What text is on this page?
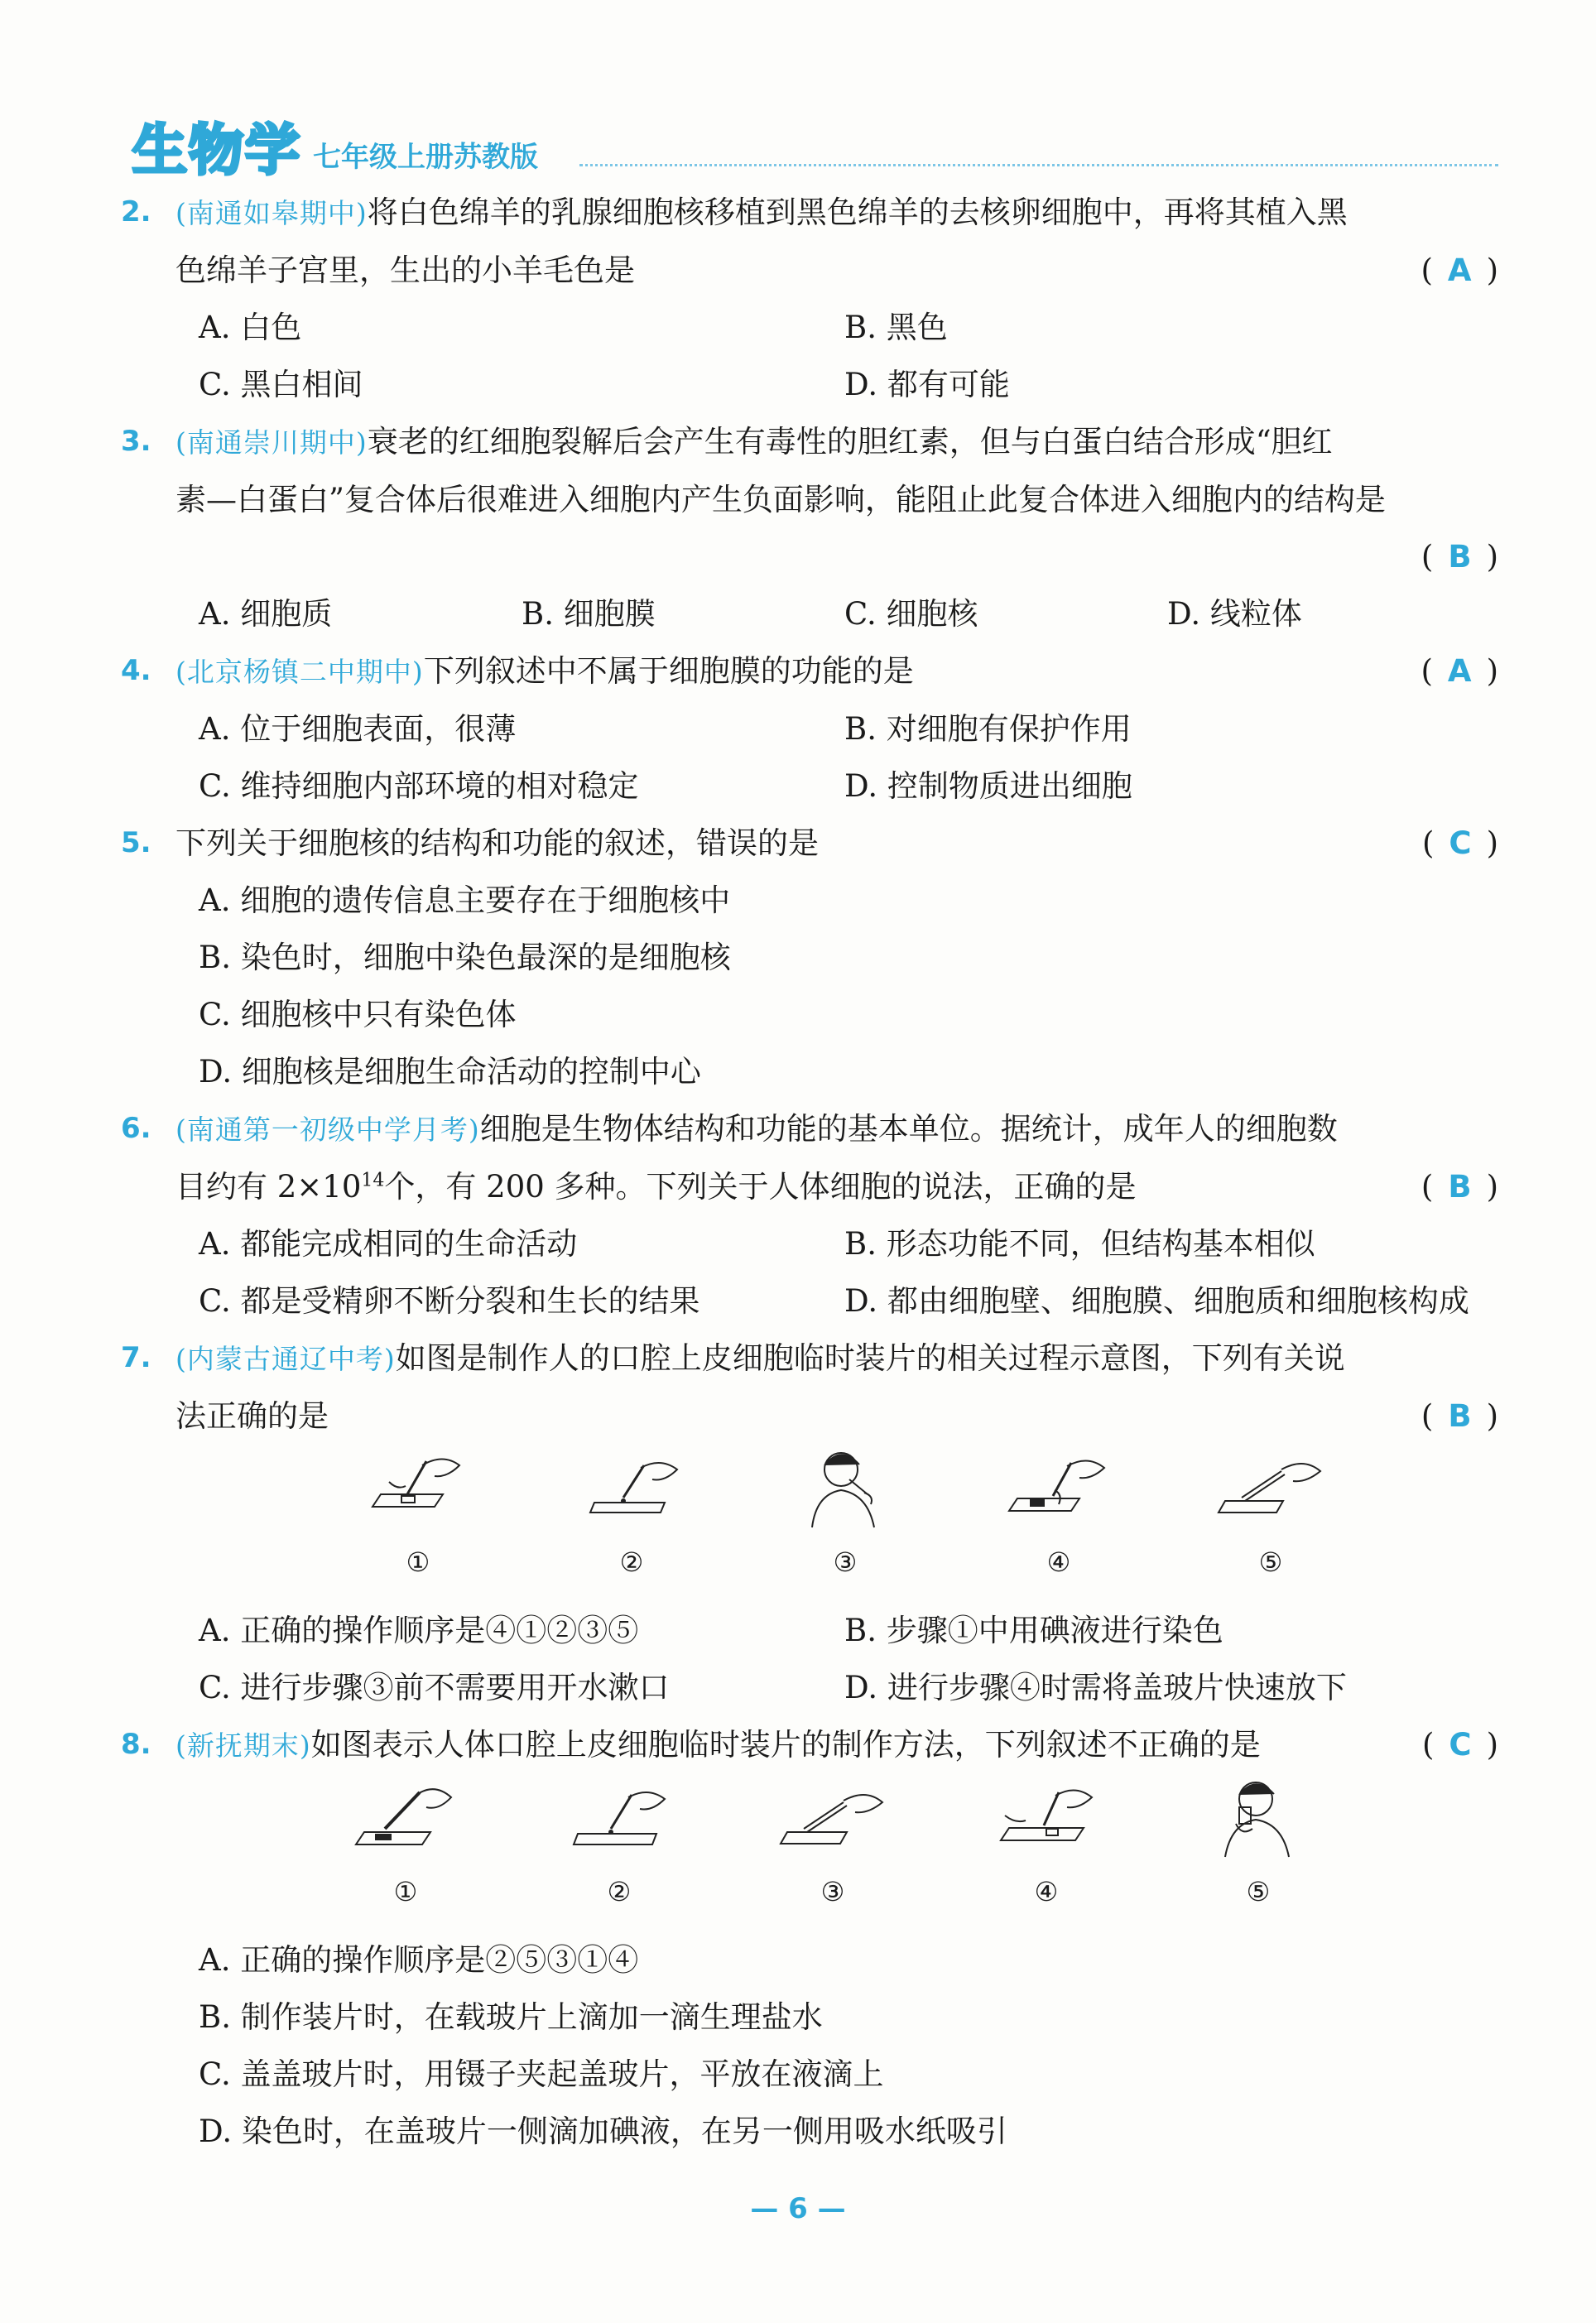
生物学 七年级上册苏教版
2. (南通如皋期中)将白色绵羊的乳腺细胞核移植到黑色绵羊的去核卵细胞中，再将其植入黑
色绵羊子宫里，生出的小羊毛色是	( A )
A. 白色	B. 黑色
C. 黑白相间	D. 都有可能
3. (南通崇川期中)衰老的红细胞裂解后会产生有毒性的胆红素，但与白蛋白结合形成“胆红
素—白蛋白”复合体后很难进入细胞内产生负面影响，能阻止此复合体进入细胞内的结构是
( B )
A. 细胞质	B. 细胞膜	C. 细胞核	D. 线粒体
4. (北京杨镇二中期中)下列叙述中不属于细胞膜的功能的是	( A )
A. 位于细胞表面，很薄	B. 对细胞有保护作用
C. 维持细胞内部环境的相对稳定	D. 控制物质进出细胞
5. 下列关于细胞核的结构和功能的叙述，错误的是	( C )
A. 细胞的遗传信息主要存在于细胞核中
B. 染色时，细胞中染色最深的是细胞核
C. 细胞核中只有染色体
D. 细胞核是细胞生命活动的控制中心
6. (南通第一初级中学月考)细胞是生物体结构和功能的基本单位。据统计，成年人的细胞数
目约有 $2\times 10^{14}$个，有 200 多种。下列关于人体细胞的说法，正确的是	( B )
A. 都能完成相同的生命活动	B. 形态功能不同，但结构基本相似
C. 都是受精卵不断分裂和生长的结果	D. 都由细胞壁、细胞膜、细胞质和细胞核构成
7. (内蒙古通辽中考)如图是制作人的口腔上皮细胞临时装片的相关过程示意图，下列有关说
法正确的是	( B )
①	②	③	④	⑤
A. 正确的操作顺序是④①②③⑤	B. 步骤①中用碘液进行染色
C. 进行步骤③前不需要用开水漱口	D. 进行步骤④时需将盖玻片快速放下
8. (新抚期末)如图表示人体口腔上皮细胞临时装片的制作方法，下列叙述不正确的是	( C )
①	②	③	④	⑤
A. 正确的操作顺序是②⑤③①④
B. 制作装片时，在载玻片上滴加一滴生理盐水
C. 盖盖玻片时，用镊子夹起盖玻片，平放在液滴上
D. 染色时，在盖玻片一侧滴加碘液，在另一侧用吸水纸吸引
— 6 —
